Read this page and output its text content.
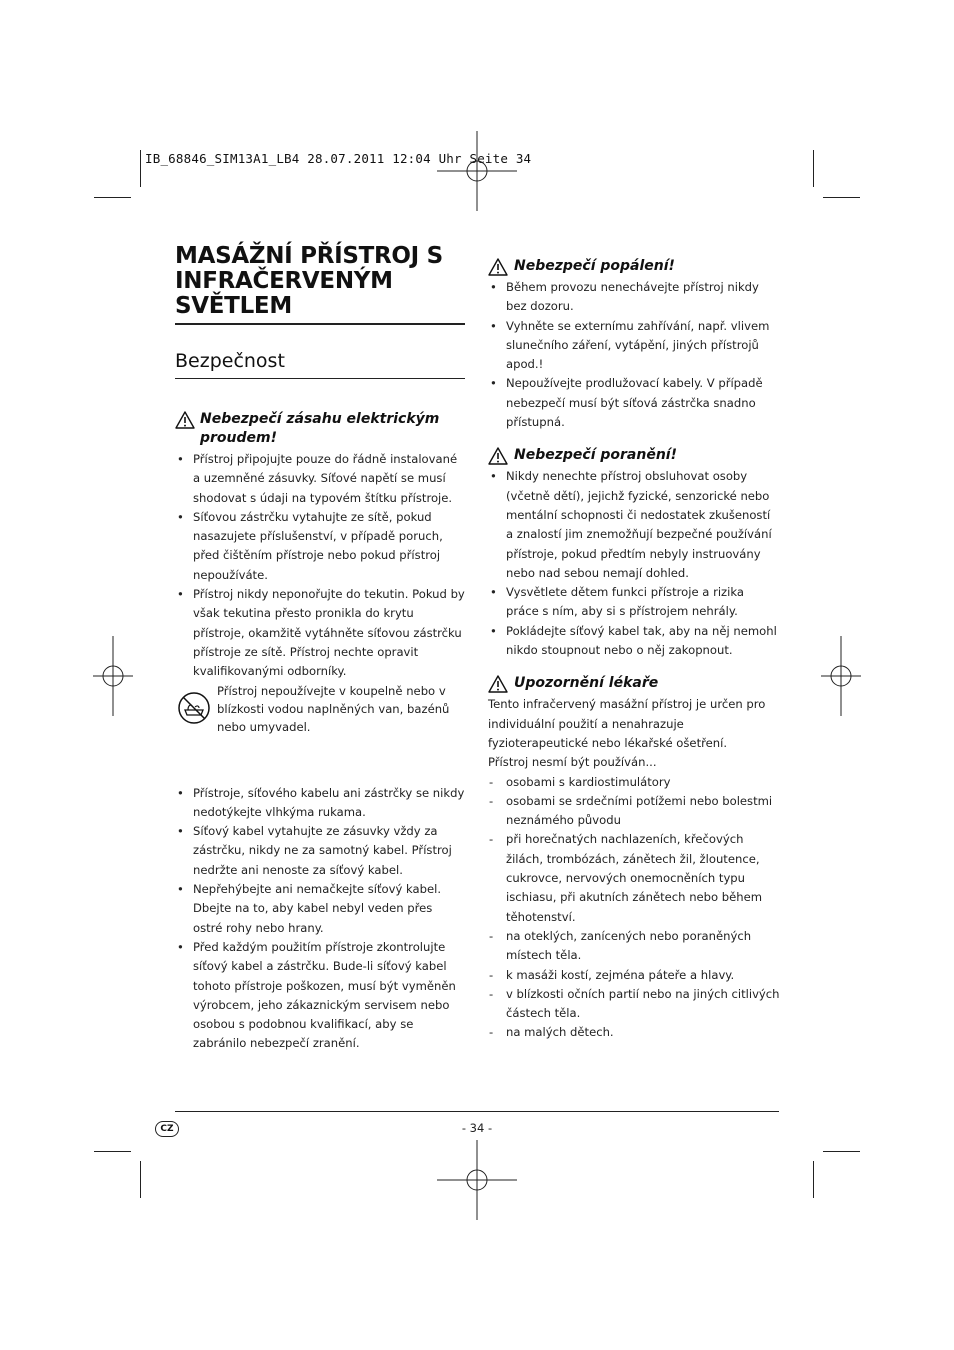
IB_68846_SIM13A1_LB4 28.07.2011 12:04 Uhr Seite 34
MASÁŽNÍ PŘÍSTROJ S INFRAČERVENÝM SVĚTLEM
Bezpečnost
Nebezpečí zásahu elektrickým proudem!
• Přístroj připojujte pouze do řádně instalované a uzemněné zásuvky. Síťové napětí se musí shodovat s údaji na typovém štítku přístroje.
• Síťovou zástrčku vytahujte ze sítě, pokud nasazujete příslušenství, v případě poruch, před čištěním přístroje nebo pokud přístroj nepoužíváte.
• Přístroj nikdy neponořujte do tekutin. Pokud by však tekutina přesto pronikla do krytu přístroje, okamžitě vytáhněte síťovou zástrčku přístroje ze sítě. Přístroj nechte opravit kvalifikovanými odborníky.

Přístroj nepoužívejte v koupelně nebo v blízkosti vodou naplněných van, bazénů nebo umyvadel.

• Přístroje, síťového kabelu ani zástrčky se nikdy nedotýkejte vlhkýma rukama.
• Síťový kabel vytahujte ze zásuvky vždy za zástrčku, nikdy ne za samotný kabel. Přístroj nedržte ani nenoste za síťový kabel.
• Nepřehýbejte ani nemačkejte síťový kabel. Dbejte na to, aby kabel nebyl veden přes ostré rohy nebo hrany.
• Před každým použitím přístroje zkontrolujte síťový kabel a zástrčku. Bude-li síťový kabel tohoto přístroje poškozen, musí být vyměněn výrobcem, jeho zákaznickým servisem nebo osobou s podobnou kvalifikací, aby se zabránilo nebezpečí zranění.
Nebezpečí popálení!
• Během provozu nenechávejte přístroj nikdy bez dozoru.
• Vyhněte se externímu zahřívání, např. vlivem slunečního záření, vytápění, jiných přístrojů apod.!
• Nepoužívejte prodlužovací kabely. V případě nebezpečí musí být síťová zástrčka snadno přístupná.
Nebezpečí poranění!
• Nikdy nenechte přístroj obsluhovat osoby (včetně dětí), jejichž fyzické, senzorické nebo mentální schopnosti či nedostatek zkušeností a znalostí jim znemožňují bezpečné používání přístroje, pokud předtím nebyly instruovány nebo nad sebou nemají dohled.
• Vysvětlete dětem funkci přístroje a rizika práce s ním, aby si s přístrojem nehrály.
• Pokládejte síťový kabel tak, aby na něj nemohl nikdo stoupnout nebo o něj zakopnout.
Upozornění lékaře

Tento infračervený masážní přístroj je určen pro individuální použití a nenahrazuje fyzioterapeutické nebo lékařské ošetření.

Přístroj nesmí být používán...

- osobami s kardiostimulátory
- osobami se srdečními potížemi nebo bolestmi neznámého původu
- při horečnatých nachlazeních, křečových žilách, trombózách, zánětech žil, žloutence, cukrovce, nervových onemocněních typu ischiasu, při akutních zánětech nebo během těhotenství.
- na oteklých, zanícených nebo poraněných místech těla.
- k masáži kostí, zejména páteře a hlavy.
- v blízkosti očních partií nebo na jiných citlivých částech těla.
- na malých dětech.
CZ	- 34 -
